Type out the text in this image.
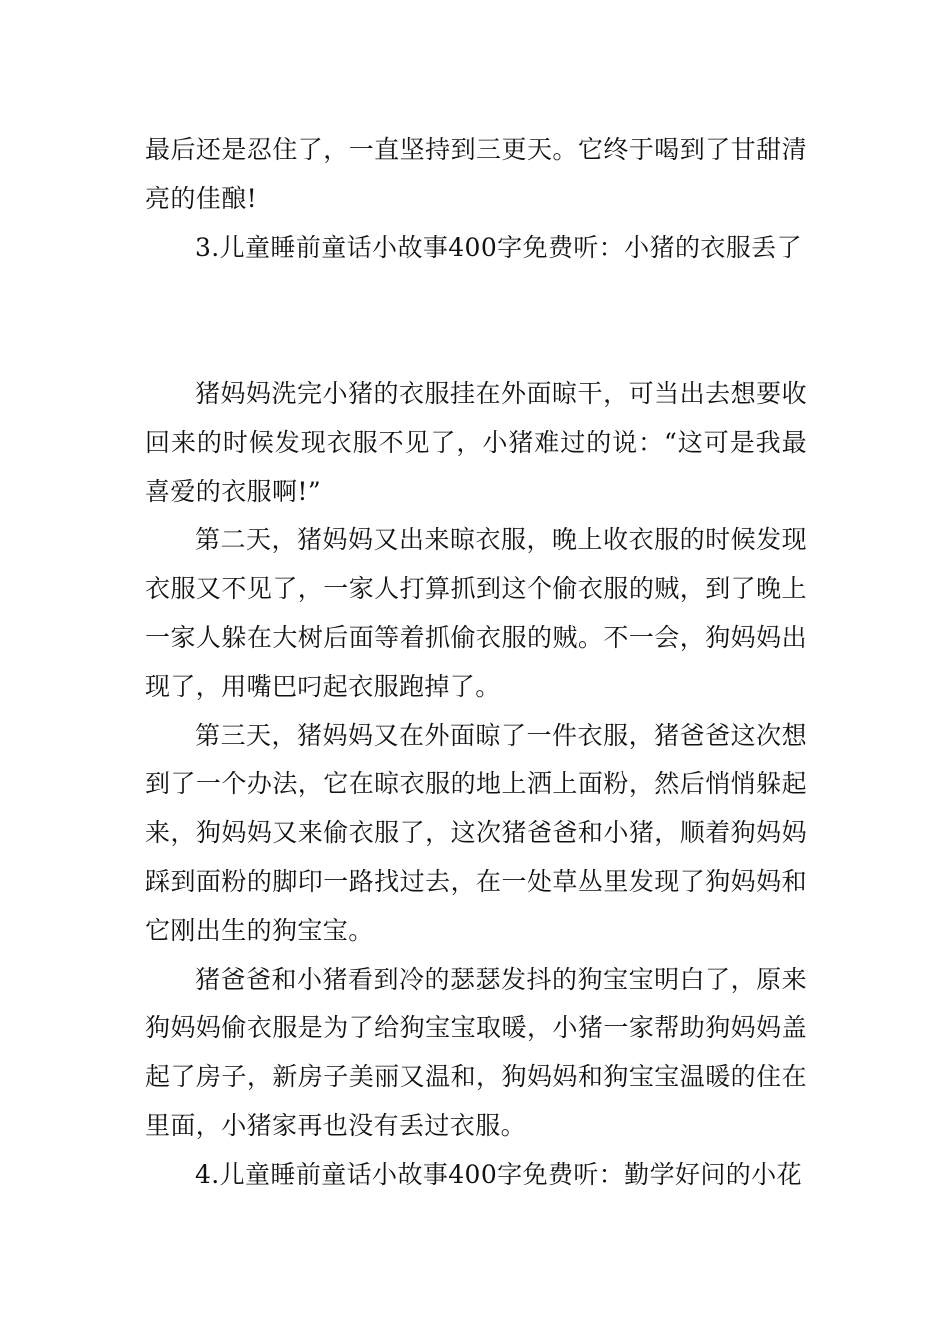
最后还是忍住了，一直坚持到三更天。它终于喝到了甘甜清亮的佳酿!

3.儿童睡前童话小故事400字免费听：小猪的衣服丢了

猪妈妈洗完小猪的衣服挂在外面晾干，可当出去想要收回来的时候发现衣服不见了，小猪难过的说：“这可是我最喜爱的衣服啊!”

第二天，猪妈妈又出来晾衣服，晚上收衣服的时候发现衣服又不见了，一家人打算抓到这个偷衣服的贼，到了晚上一家人躲在大树后面等着抓偷衣服的贼。不一会，狗妈妈出现了，用嘴巴叼起衣服跑掉了。

第三天，猪妈妈又在外面晾了一件衣服，猪爸爸这次想到了一个办法，它在晾衣服的地上洒上面粉，然后悄悄躲起来，狗妈妈又来偷衣服了，这次猪爸爸和小猪，顺着狗妈妈踩到面粉的脚印一路找过去，在一处草丛里发现了狗妈妈和它刚出生的狗宝宝。

猪爸爸和小猪看到冷的瑟瑟发抖的狗宝宝明白了，原来狗妈妈偷衣服是为了给狗宝宝取暖，小猪一家帮助狗妈妈盖起了房子，新房子美丽又温和，狗妈妈和狗宝宝温暖的住在里面，小猪家再也没有丢过衣服。

4.儿童睡前童话小故事400字免费听：勤学好问的小花
